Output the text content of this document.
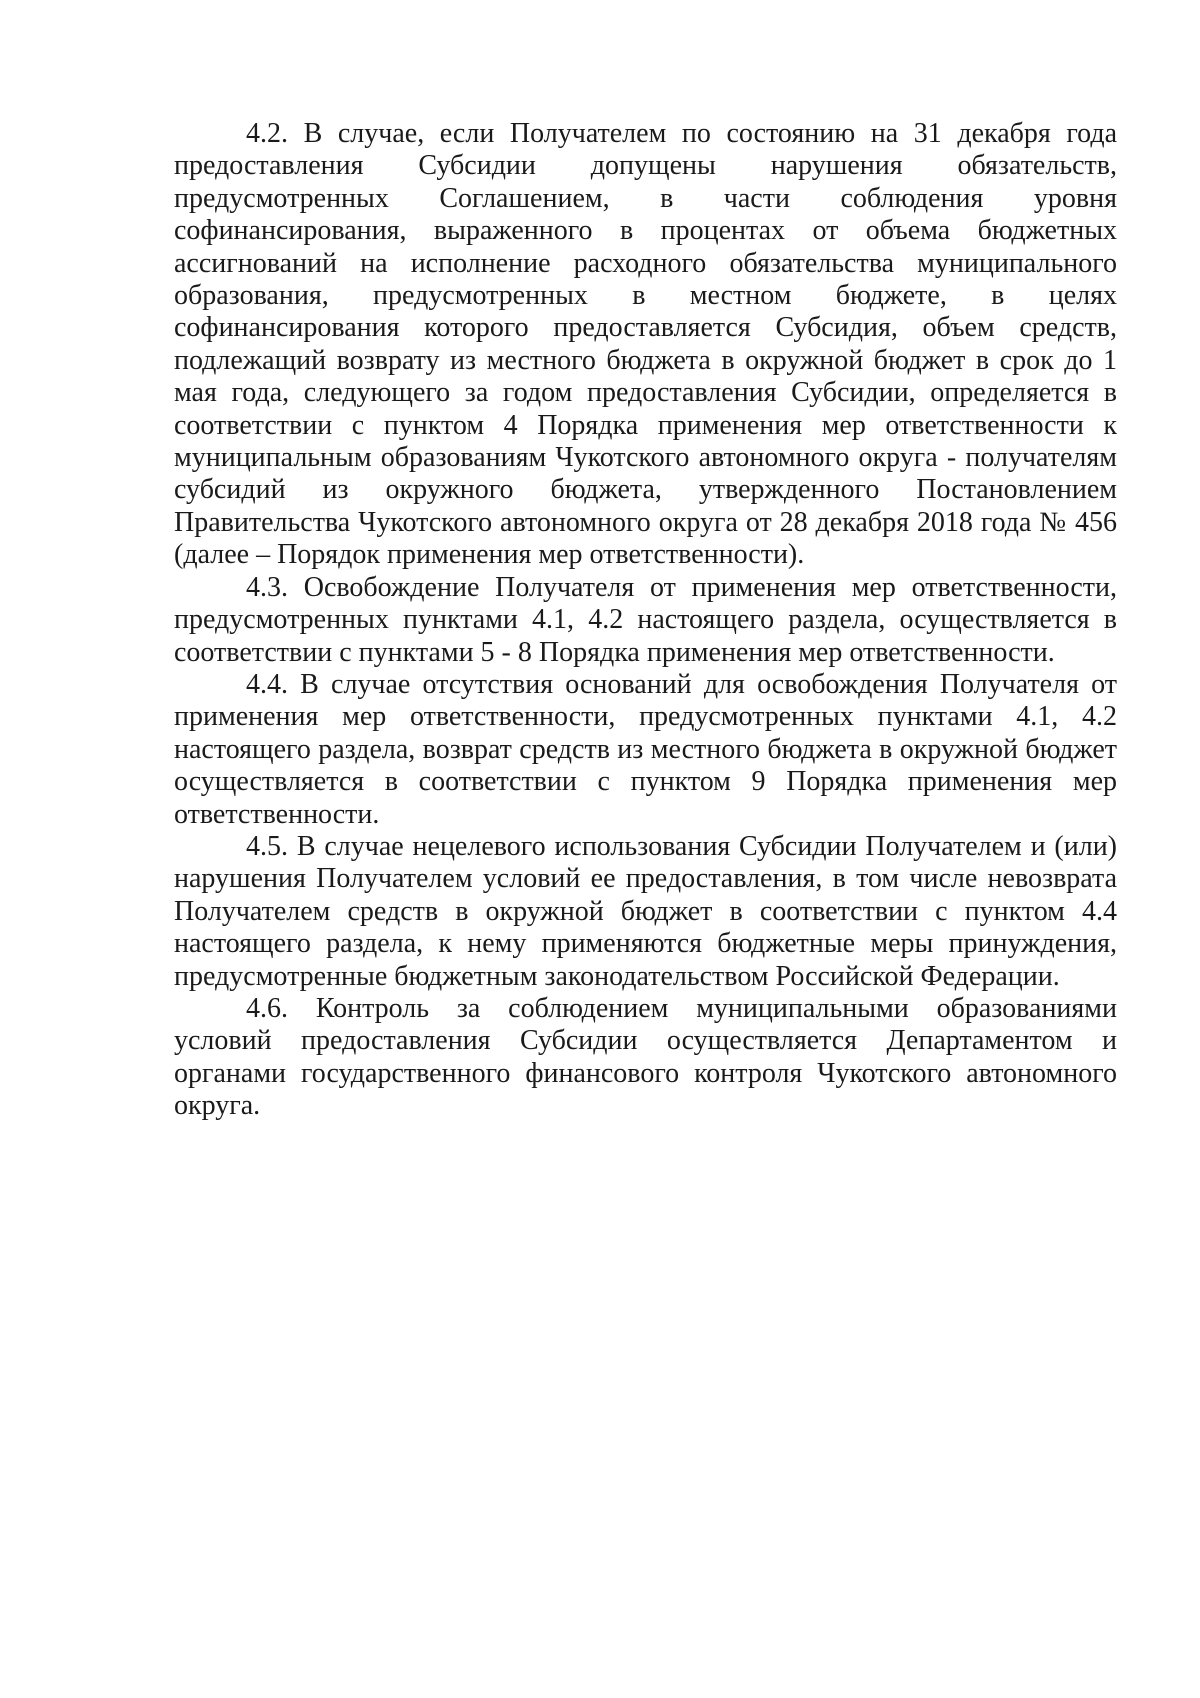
4.2. В случае, если Получателем по состоянию на 31 декабря года предоставления Субсидии допущены нарушения обязательств, предусмотренных Соглашением, в части соблюдения уровня софинансирования, выраженного в процентах от объема бюджетных ассигнований на исполнение расходного обязательства муниципального образования, предусмотренных в местном бюджете, в целях софинансирования которого предоставляется Субсидия, объем средств, подлежащий возврату из местного бюджета в окружной бюджет в срок до 1 мая года, следующего за годом предоставления Субсидии, определяется в соответствии с пунктом 4 Порядка применения мер ответственности к муниципальным образованиям Чукотского автономного округа - получателям субсидий из окружного бюджета, утвержденного Постановлением Правительства Чукотского автономного округа от 28 декабря 2018 года № 456 (далее – Порядок применения мер ответственности).

4.3. Освобождение Получателя от применения мер ответственности, предусмотренных пунктами 4.1, 4.2 настоящего раздела, осуществляется в соответствии с пунктами 5 - 8 Порядка применения мер ответственности.

4.4. В случае отсутствия оснований для освобождения Получателя от применения мер ответственности, предусмотренных пунктами 4.1, 4.2 настоящего раздела, возврат средств из местного бюджета в окружной бюджет осуществляется в соответствии с пунктом 9 Порядка применения мер ответственности.

4.5. В случае нецелевого использования Субсидии Получателем и (или) нарушения Получателем условий ее предоставления, в том числе невозврата Получателем средств в окружной бюджет в соответствии с пунктом 4.4 настоящего раздела, к нему применяются бюджетные меры принуждения, предусмотренные бюджетным законодательством Российской Федерации.

4.6. Контроль за соблюдением муниципальными образованиями условий предоставления Субсидии осуществляется Департаментом и органами государственного финансового контроля Чукотского автономного округа.
